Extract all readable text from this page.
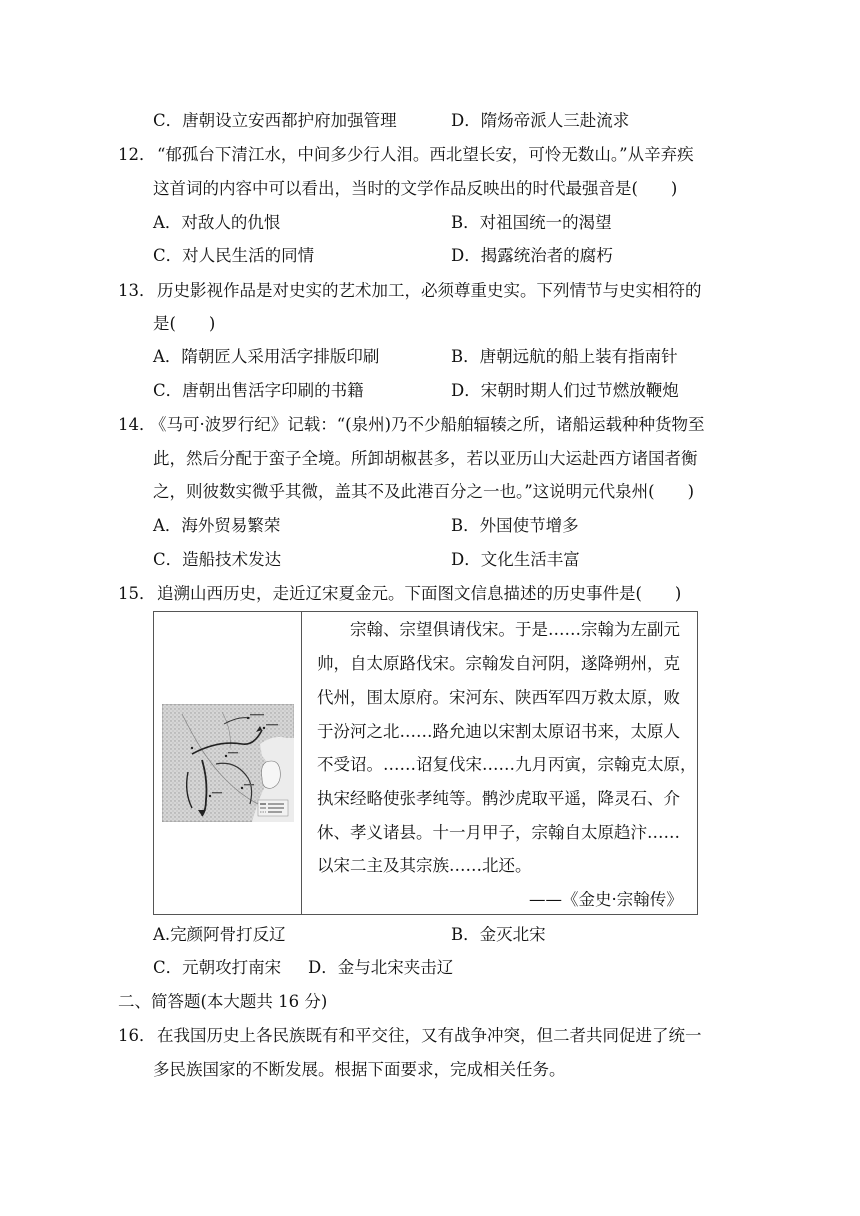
C．唐朝设立安西都护府加强管理	D．隋炀帝派人三赴流求
12． “郁孤台下清江水，中间多少行人泪。西北望长安，可怜无数山。”从辛弃疾
这首词的内容中可以看出，当时的文学作品反映出的时代最强音是(　　)
A．对敌人的仇恨	B．对祖国统一的渴望
C．对人民生活的同情	D．揭露统治者的腐朽
13． 历史影视作品是对史实的艺术加工，必须尊重史实。下列情节与史实相符的
是(　　)
A．隋朝匠人采用活字排版印刷	B．唐朝远航的船上装有指南针
C．唐朝出售活字印刷的书籍	D．宋朝时期人们过节燃放鞭炮
14．
《马可·波罗行纪》记载：“(泉州)乃不少船舶辐辏之所，诸船运载种种货物至
此，然后分配于蛮子全境。所卸胡椒甚多，若以亚历山大运赴西方诸国者衡
之，则彼数实微乎其微，盖其不及此港百分之一也。”这说明元代泉州(　　)
A．海外贸易繁荣	B．外国使节增多
C．造船技术发达	D．文化生活丰富
15． 追溯山西历史，走近辽宋夏金元。下面图文信息描述的历史事件是(　　)
　　宗翰、宗望俱请伐宋。于是……宗翰为左副元
帅，自太原路伐宋。宗翰发自河阴，遂降朔州，克
代州，围太原府。宋河东、陕西军四万救太原，败
于汾河之北……路允迪以宋割太原诏书来，太原人
不受诏。……诏复伐宋……九月丙寅，宗翰克太原，
执宋经略使张孝纯等。鹘沙虎取平遥，降灵石、介
休、孝义诸县。十一月甲子，宗翰自太原趋汴……
以宋二主及其宗族……北还。
——《金史·宗翰传》
A.完颜阿骨打反辽	B．金灭北宋
C．元朝攻打南宋 D．金与北宋夹击辽
二、简答题(本大题共 16 分)
16． 在我国历史上各民族既有和平交往，又有战争冲突，但二者共同促进了统一
多民族国家的不断发展。根据下面要求，完成相关任务。
